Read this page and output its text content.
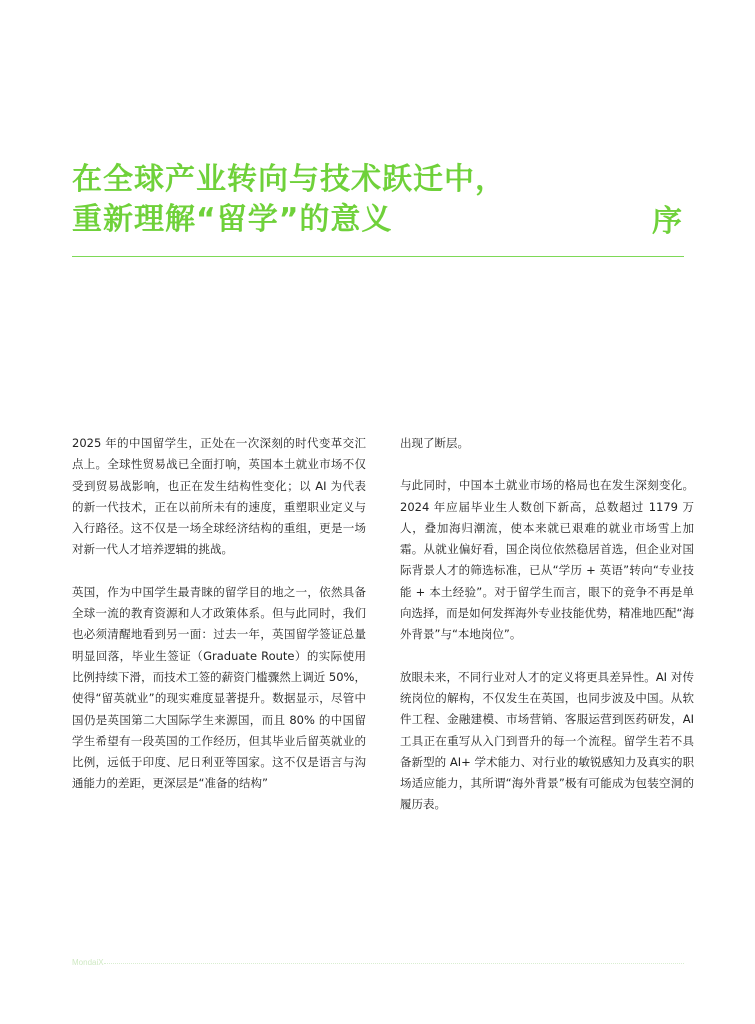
在全球产业转向与技术跃迁中，
重新理解“留学”的意义	序

2025 年的中国留学生，正处在一次深刻的时代变革交汇点上。全球性贸易战已全面打响，英国本土就业市场不仅受到贸易战影响，也正在发生结构性变化；以 AI 为代表的新一代技术，正在以前所未有的速度，重塑职业定义与入行路径。这不仅是一场全球经济结构的重组，更是一场对新一代人才培养逻辑的挑战。

英国，作为中国学生最青睐的留学目的地之一，依然具备全球一流的教育资源和人才政策体系。但与此同时，我们也必须清醒地看到另一面：过去一年，英国留学签证总量明显回落，毕业生签证（Graduate Route）的实际使用比例持续下滑，而技术工签的薪资门槛骤然上调近 50%，使得“留英就业”的现实难度显著提升。数据显示，尽管中国仍是英国第二大国际学生来源国，而且 80% 的中国留学生希望有一段英国的工作经历，但其毕业后留英就业的比例，远低于印度、尼日利亚等国家。这不仅是语言与沟通能力的差距，更深层是“准备的结构”

出现了断层。

与此同时，中国本土就业市场的格局也在发生深刻变化。2024 年应届毕业生人数创下新高，总数超过 1179 万人，叠加海归潮流，使本来就已艰难的就业市场雪上加霜。从就业偏好看，国企岗位依然稳居首选，但企业对国际背景人才的筛选标准，已从“学历 + 英语”转向“专业技能 + 本土经验”。对于留学生而言，眼下的竞争不再是单向选择，而是如何发挥海外专业技能优势，精准地匹配“海外背景”与“本地岗位”。

放眼未来，不同行业对人才的定义将更具差异性。AI 对传统岗位的解构，不仅发生在英国，也同步波及中国。从软件工程、金融建模、市场营销、客服运营到医药研发，AI 工具正在重写从入门到晋升的每一个流程。留学生若不具备新型的 AI+ 学术能力、对行业的敏锐感知力及真实的职场适应能力，其所谓“海外背景”极有可能成为包装空洞的履历表。

MondaiX
